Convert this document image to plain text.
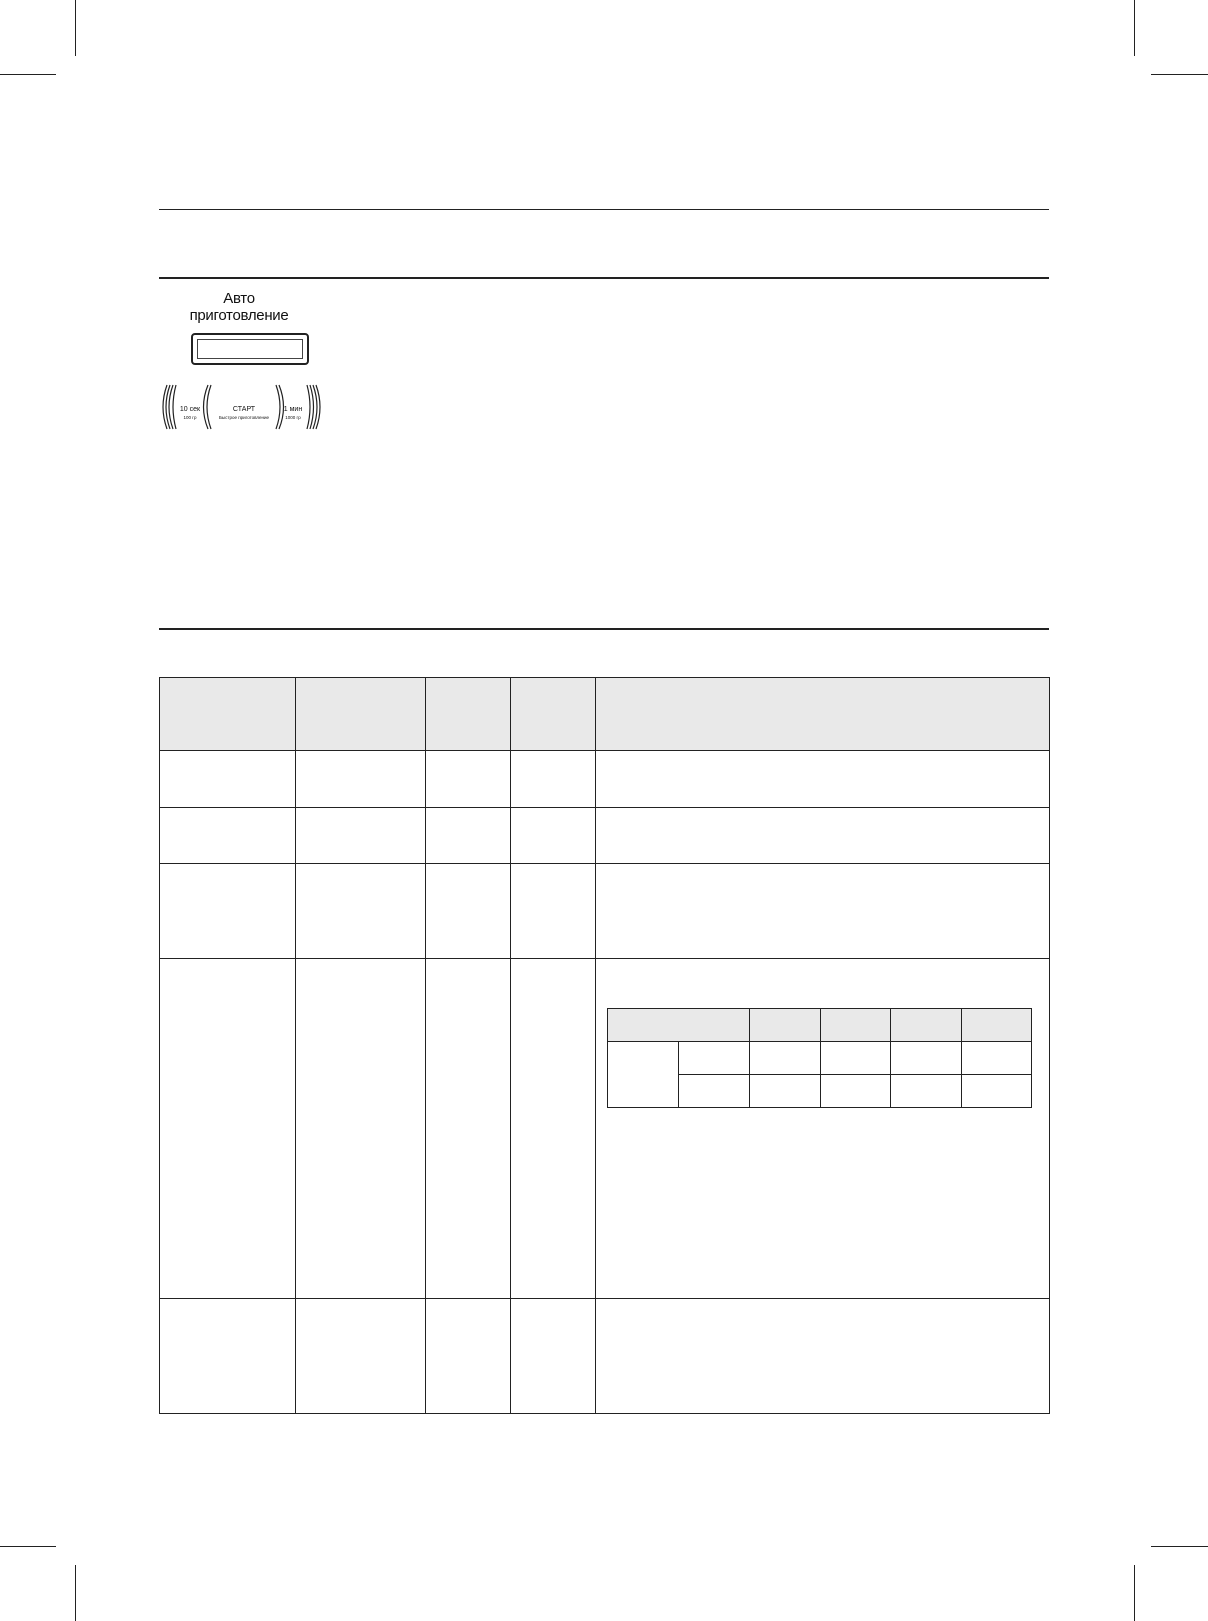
Авто
приготовление
10 сек
100 гр
СТАРТ
Быстрое приготовление
1 мин
1000 гр
